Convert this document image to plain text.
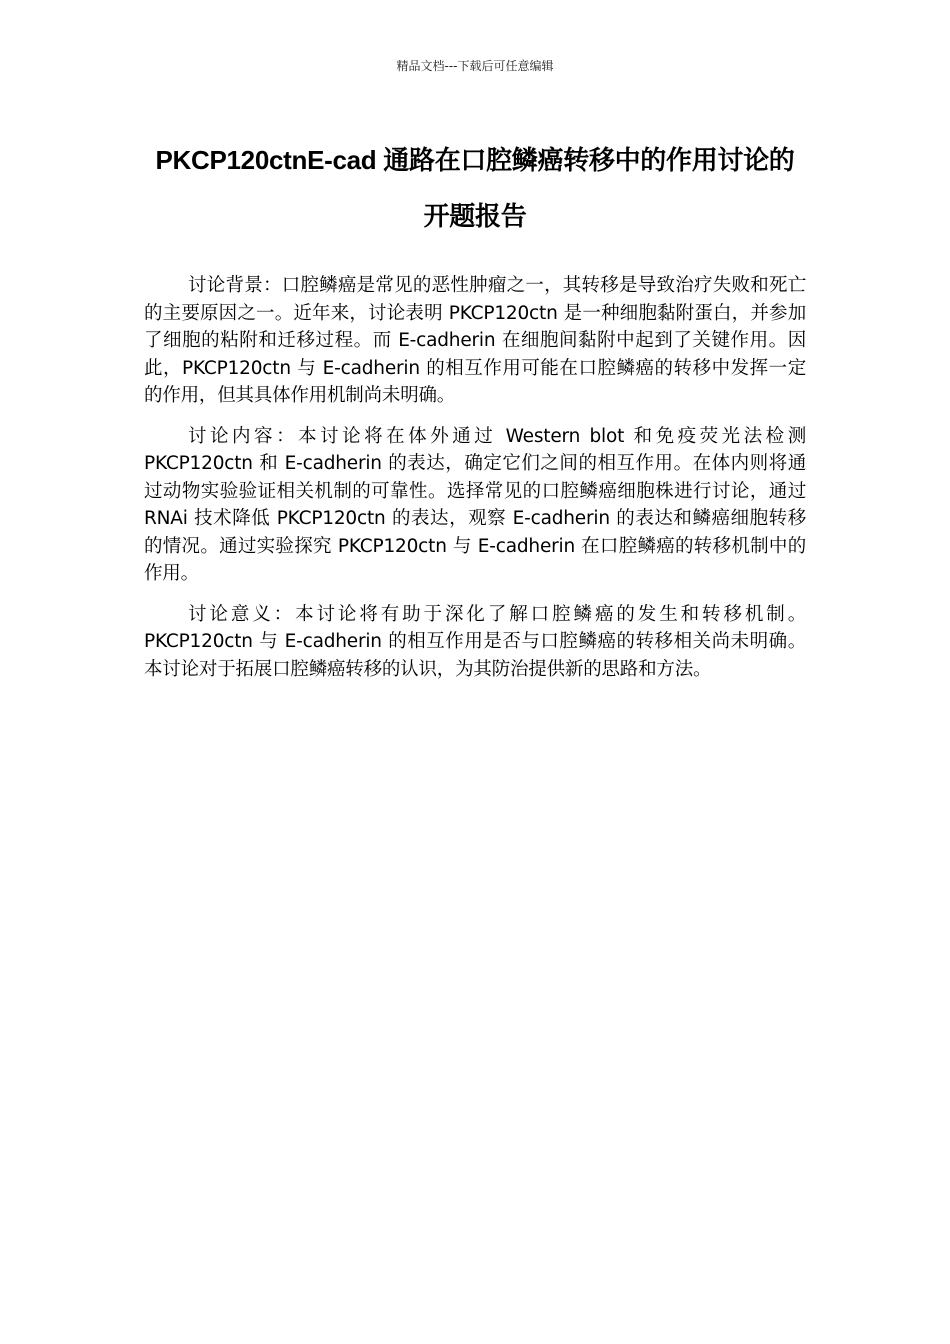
精品文档---下载后可任意编辑
PKCP120ctnE-cad 通路在口腔鳞癌转移中的作用讨论的开题报告

讨论背景：口腔鳞癌是常见的恶性肿瘤之一，其转移是导致治疗失败和死亡的主要原因之一。近年来，讨论表明 PKCP120ctn 是一种细胞黏附蛋白，并参加了细胞的粘附和迁移过程。而 E-cadherin 在细胞间黏附中起到了关键作用。因此，PKCP120ctn 与 E-cadherin 的相互作用可能在口腔鳞癌的转移中发挥一定的作用，但其具体作用机制尚未明确。

讨论内容：本讨论将在体外通过 Western blot 和免疫荧光法检测 PKCP120ctn 和 E-cadherin 的表达，确定它们之间的相互作用。在体内则将通过动物实验验证相关机制的可靠性。选择常见的口腔鳞癌细胞株进行讨论，通过 RNAi 技术降低 PKCP120ctn 的表达，观察 E-cadherin 的表达和鳞癌细胞转移的情况。通过实验探究 PKCP120ctn 与 E-cadherin 在口腔鳞癌的转移机制中的作用。

讨论意义：本讨论将有助于深化了解口腔鳞癌的发生和转移机制。PKCP120ctn 与 E-cadherin 的相互作用是否与口腔鳞癌的转移相关尚未明确。本讨论对于拓展口腔鳞癌转移的认识，为其防治提供新的思路和方法。
